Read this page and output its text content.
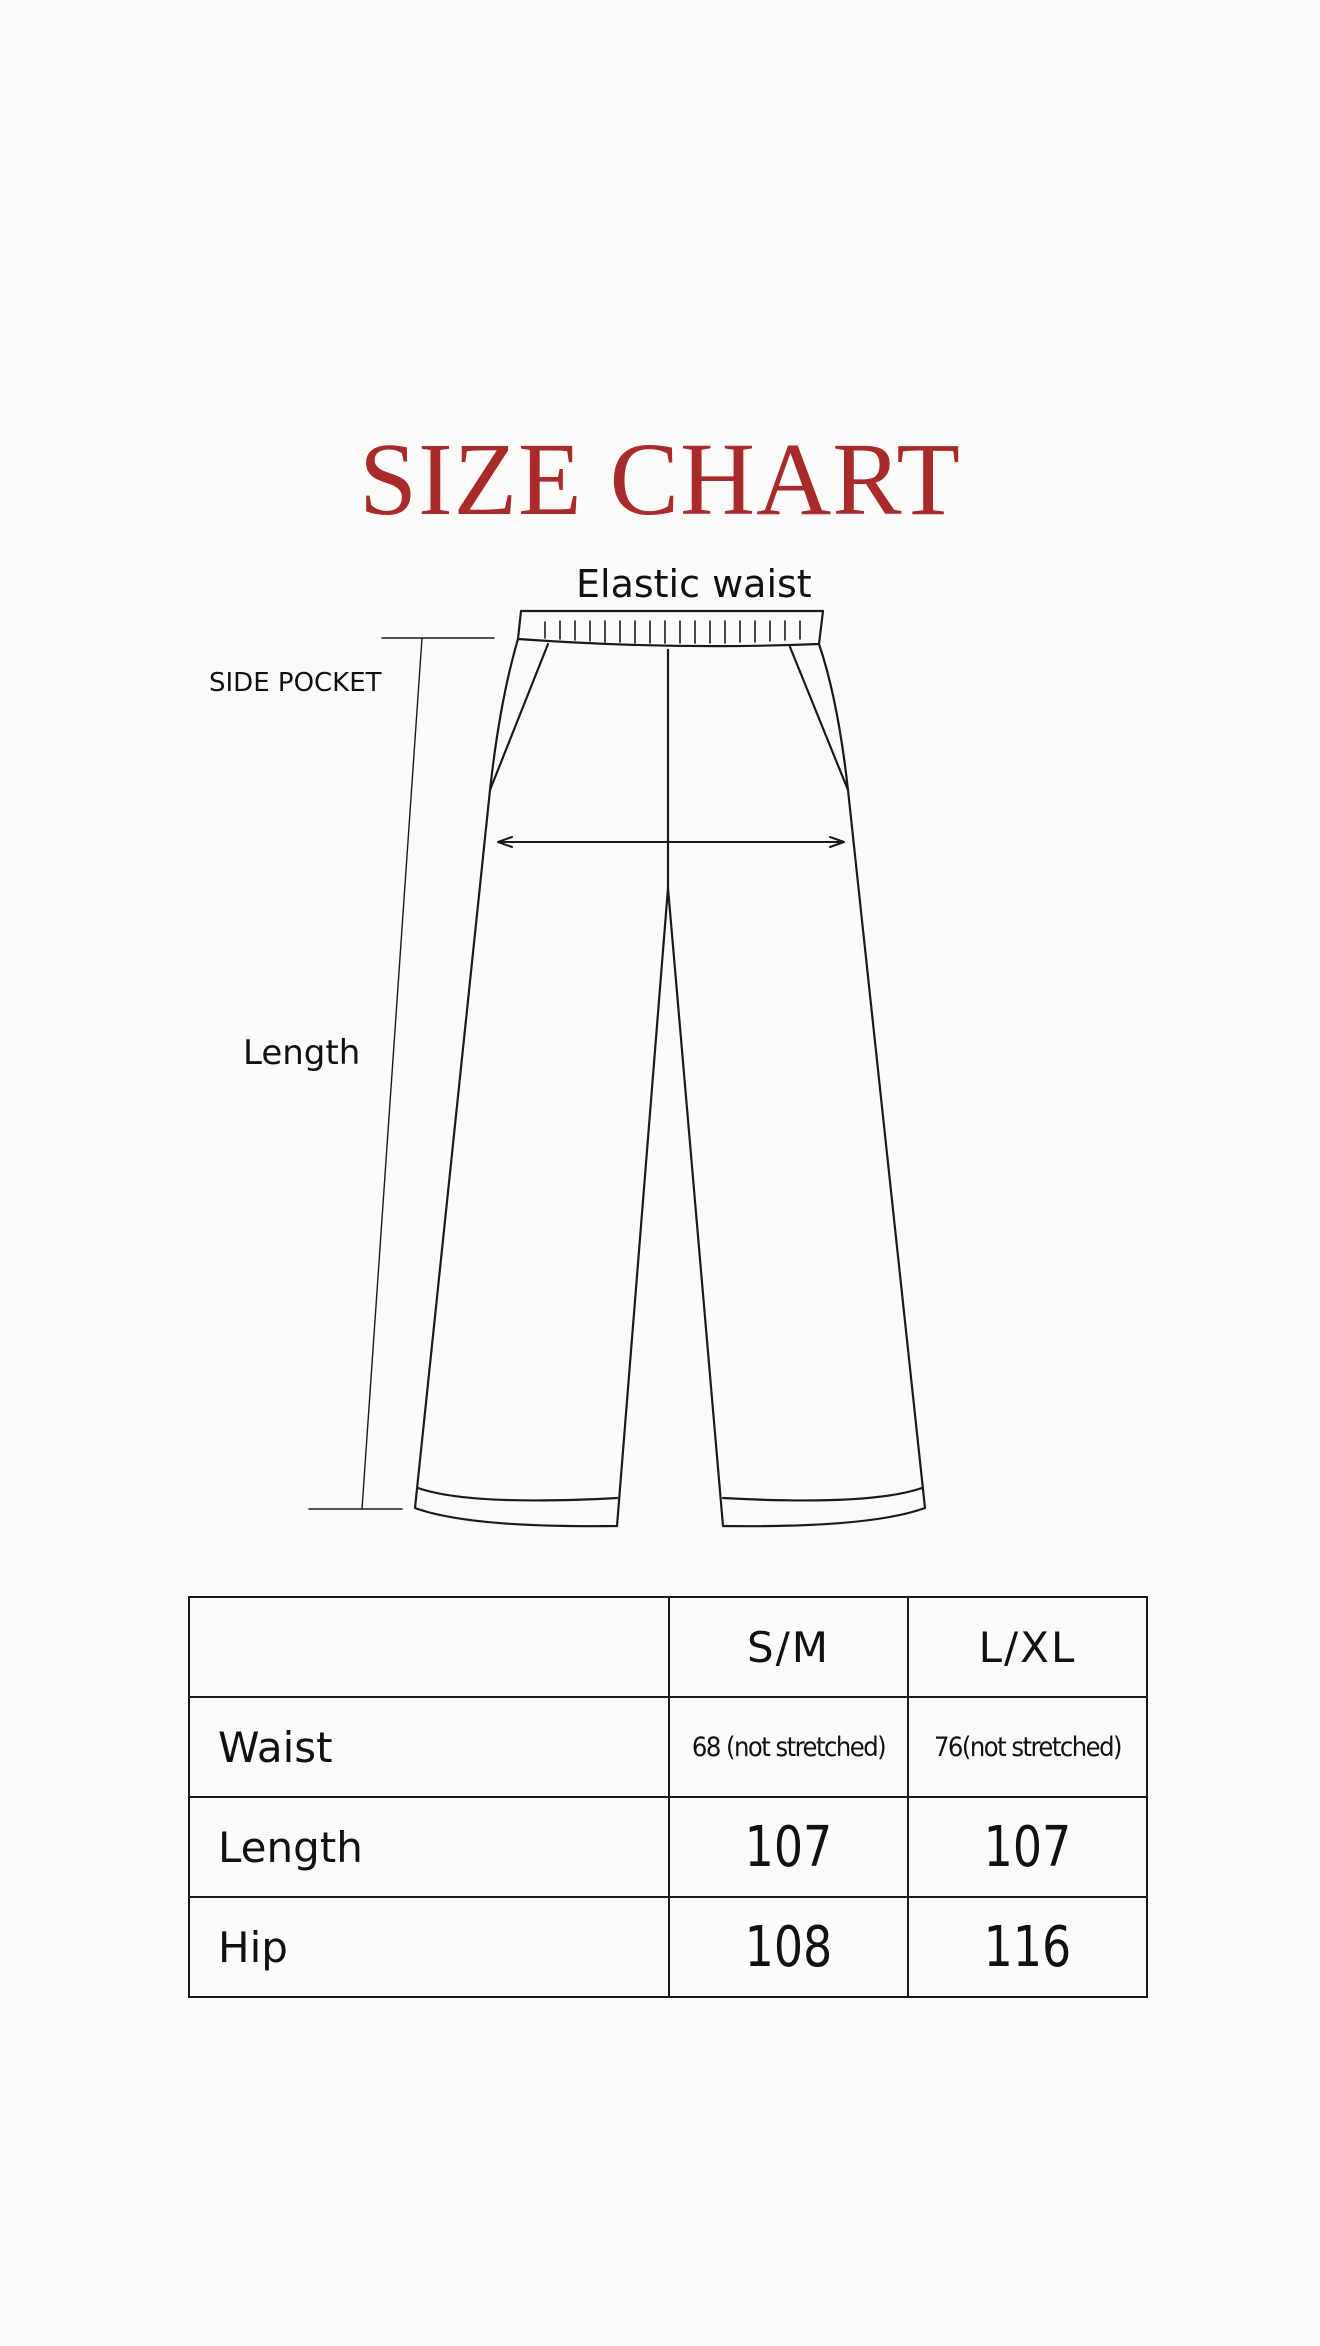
SIZE CHART
Elastic waist
SIDE POCKET
Length
	S/M	L/XL
Waist	68 (not stretched)	76(not stretched)
Length	107	107
Hip	108	116
